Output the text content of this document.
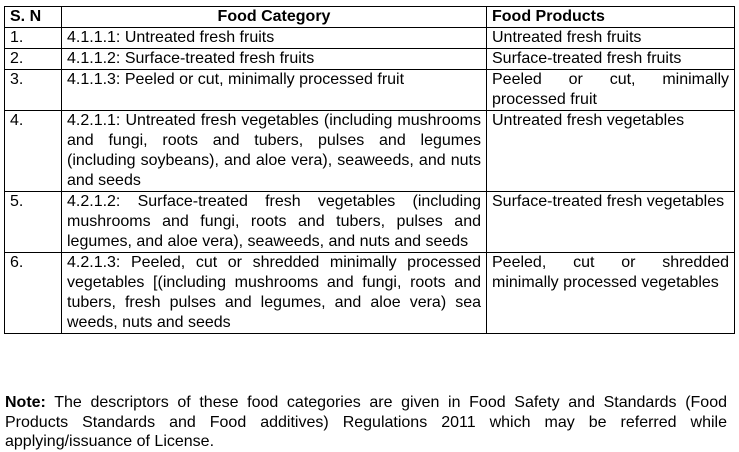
S. N	Food Category	Food Products
1.	4.1.1.1: Untreated fresh fruits	Untreated fresh fruits
2.	4.1.1.2: Surface-treated fresh fruits	Surface-treated fresh fruits
3.	4.1.1.3: Peeled or cut, minimally processed fruit	Peeled or cut, minimally processed fruit
4.	4.2.1.1: Untreated fresh vegetables (including mushrooms and fungi, roots and tubers, pulses and legumes (including soybeans), and aloe vera), seaweeds, and nuts and seeds	Untreated fresh vegetables
5.	4.2.1.2: Surface-treated fresh vegetables (including mushrooms and fungi, roots and tubers, pulses and legumes, and aloe vera), seaweeds, and nuts and seeds	Surface-treated fresh vegetables
6.	4.2.1.3: Peeled, cut or shredded minimally processed vegetables [(including mushrooms and fungi, roots and tubers, fresh pulses and legumes, and aloe vera) sea weeds, nuts and seeds	Peeled, cut or shredded minimally processed vegetables

Note: The descriptors of these food categories are given in Food Safety and Standards (Food Products Standards and Food additives) Regulations 2011 which may be referred while applying/issuance of License.
